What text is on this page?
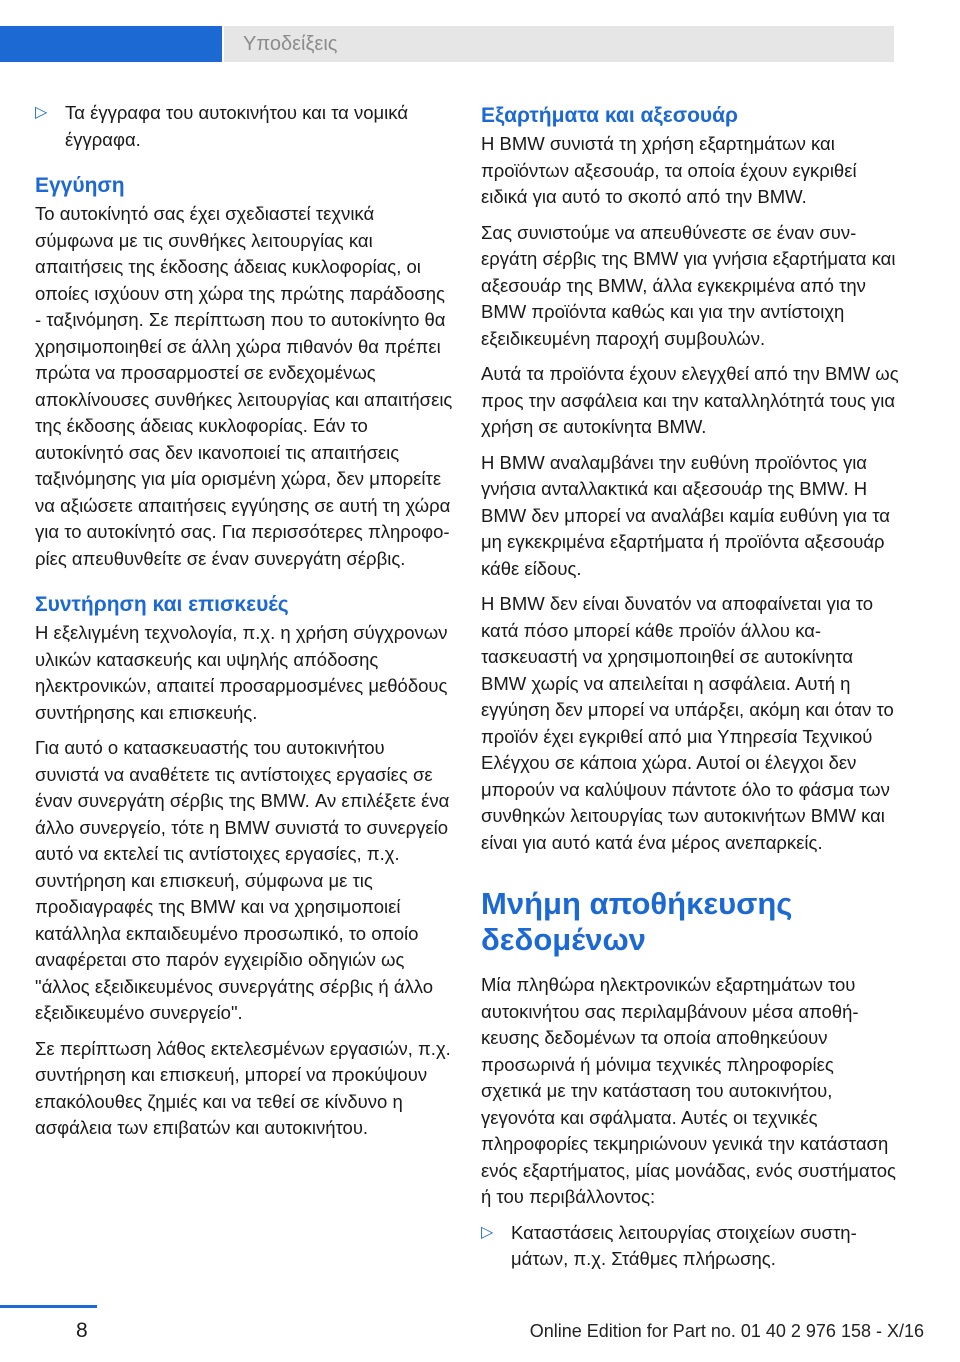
Υποδείξεις
▷ Τα έγγραφα του αυτοκινήτου και τα νομικά έγγραφα.
Εγγύηση

Το αυτοκίνητό σας έχει σχεδιαστεί τεχνικά σύμφωνα με τις συνθήκες λειτουργίας και απαιτήσεις της έκδοσης άδειας κυκλοφορίας, οι οποίες ισχύουν στη χώρα της πρώτης παράδοσης - ταξινόμηση. Σε περίπτωση που το αυτοκίνητο θα χρησιμοποιηθεί σε άλλη χώρα πιθανόν θα πρέπει πρώτα να προσαρμοστεί σε ενδεχομένως αποκλίνουσες συνθήκες λειτουργίας και απαιτήσεις της έκδοσης άδειας κυκλοφορίας. Εάν το αυτοκίνητό σας δεν ικανοποιεί τις απαιτήσεις ταξινόμησης για μία ορισμένη χώρα, δεν μπορείτε να αξιώσετε απαιτήσεις εγγύησης σε αυτή τη χώρα για το αυτοκίνητό σας. Για περισσότερες πληροφορίες απευθυνθείτε σε έναν συνεργάτη σέρβις.

Συντήρηση και επισκευές

Η εξελιγμένη τεχνολογία, π.χ. η χρήση σύγχρονων υλικών κατασκευής και υψηλής απόδοσης ηλεκτρονικών, απαιτεί προσαρμοσμένες μεθόδους συντήρησης και επισκευής.

Για αυτό ο κατασκευαστής του αυτοκινήτου συνιστά να αναθέτετε τις αντίστοιχες εργασίες σε έναν συνεργάτη σέρβις της BMW. Αν επιλέξετε ένα άλλο συνεργείο, τότε η BMW συνιστά το συνεργείο αυτό να εκτελεί τις αντίστοιχες εργασίες, π.χ. συντήρηση και επισκευή, σύμφωνα με τις προδιαγραφές της BMW και να χρησιμοποιεί κατάλληλα εκπαιδευμένο προσωπικό, το οποίο αναφέρεται στο παρόν εγχειρίδιο οδηγιών ως "άλλος εξειδικευμένος συνεργάτης σέρβις ή άλλο εξειδικευμένο συνεργείο".

Σε περίπτωση λάθος εκτελεσμένων εργασιών, π.χ. συντήρηση και επισκευή, μπορεί να προκύψουν επακόλουθες ζημιές και να τεθεί σε κίνδυνο η ασφάλεια των επιβατών και αυτοκινήτου.

Εξαρτήματα και αξεσουάρ

Η BMW συνιστά τη χρήση εξαρτημάτων και προϊόντων αξεσουάρ, τα οποία έχουν εγκριθεί ειδικά για αυτό το σκοπό από την BMW.

Σας συνιστούμε να απευθύνεστε σε έναν συνεργάτη σέρβις της BMW για γνήσια εξαρτήματα και αξεσουάρ της BMW, άλλα εγκεκριμένα από την BMW προϊόντα καθώς και για την αντίστοιχη εξειδικευμένη παροχή συμβουλών.

Αυτά τα προϊόντα έχουν ελεγχθεί από την BMW ως προς την ασφάλεια και την καταλληλότητά τους για χρήση σε αυτοκίνητα BMW.

Η BMW αναλαμβάνει την ευθύνη προϊόντος για γνήσια ανταλλακτικά και αξεσουάρ της BMW. Η BMW δεν μπορεί να αναλάβει καμία ευθύνη για τα μη εγκεκριμένα εξαρτήματα ή προϊόντα αξεσουάρ κάθε είδους.

Η BMW δεν είναι δυνατόν να αποφαίνεται για το κατά πόσο μπορεί κάθε προϊόν άλλου κατασκευαστή να χρησιμοποιηθεί σε αυτοκίνητα BMW χωρίς να απειλείται η ασφάλεια. Αυτή η εγγύηση δεν μπορεί να υπάρξει, ακόμη και όταν το προϊόν έχει εγκριθεί από μια Υπηρεσία Τεχνικού Ελέγχου σε κάποια χώρα. Αυτοί οι έλεγχοι δεν μπορούν να καλύψουν πάντοτε όλο το φάσμα των συνθηκών λειτουργίας των αυτοκινήτων BMW και είναι για αυτό κατά ένα μέρος ανεπαρκείς.

Μνήμη αποθήκευσης δεδομένων

Μία πληθώρα ηλεκτρονικών εξαρτημάτων του αυτοκινήτου σας περιλαμβάνουν μέσα αποθήκευσης δεδομένων τα οποία αποθηκεύουν προσωρινά ή μόνιμα τεχνικές πληροφορίες σχετικά με την κατάσταση του αυτοκινήτου, γεγονότα και σφάλματα. Αυτές οι τεχνικές πληροφορίες τεκμηριώνουν γενικά την κατάσταση ενός εξαρτήματος, μίας μονάδας, ενός συστήματος ή του περιβάλλοντος:

▷ Καταστάσεις λειτουργίας στοιχείων συστημάτων, π.χ. Στάθμες πλήρωσης.
8	Online Edition for Part no. 01 40 2 976 158 - X/16
